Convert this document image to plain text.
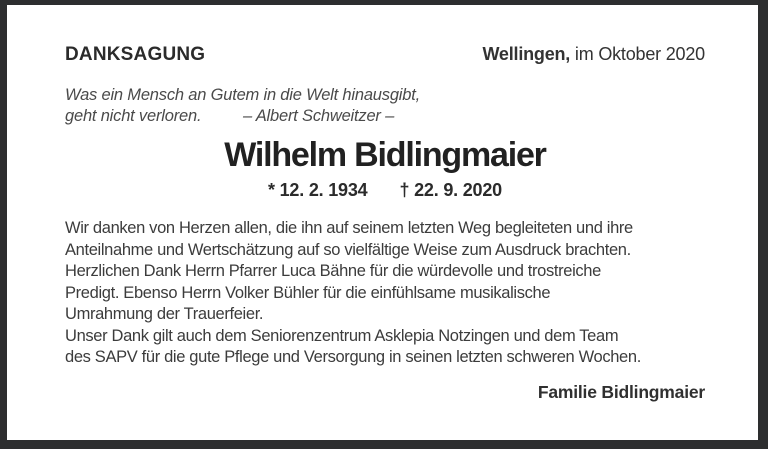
DANKSAGUNG	Wellingen, im Oktober 2020
Was ein Mensch an Gutem in die Welt hinausgibt,
geht nicht verloren.	– Albert Schweitzer –
Wilhelm Bidlingmaier
* 12. 2. 1934 † 22. 9. 2020
Wir danken von Herzen allen, die ihn auf seinem letzten Weg begleiteten und ihre
Anteilnahme und Wertschätzung auf so vielfältige Weise zum Ausdruck brachten.
Herzlichen Dank Herrn Pfarrer Luca Bähne für die würdevolle und trostreiche
Predigt. Ebenso Herrn Volker Bühler für die einfühlsame musikalische
Umrahmung der Trauerfeier.
Unser Dank gilt auch dem Seniorenzentrum Asklepia Notzingen und dem Team
des SAPV für die gute Pflege und Versorgung in seinen letzten schweren Wochen.
Familie Bidlingmaier
